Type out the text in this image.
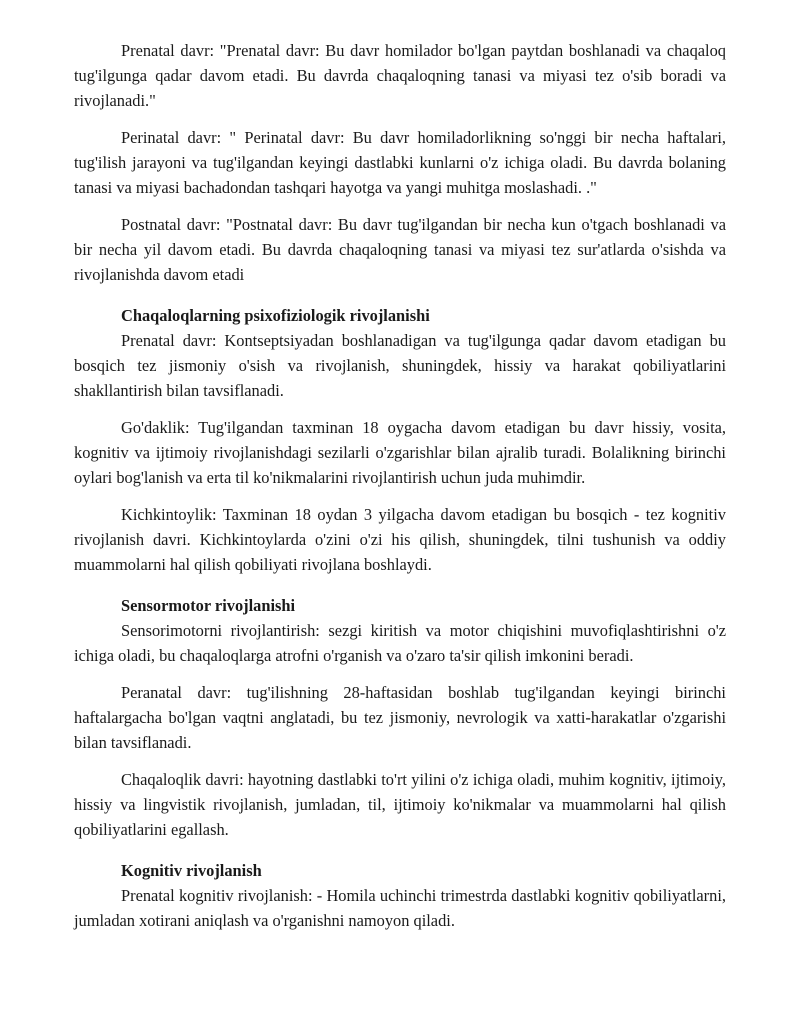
Prenatal davr: "Prenatal davr: Bu davr homilador bo'lgan paytdan boshlanadi va chaqaloq tug'ilgunga qadar davom etadi. Bu davrda chaqaloqning tanasi va miyasi tez o'sib boradi va rivojlanadi."

Perinatal davr: " Perinatal davr: Bu davr homiladorlikning so'nggi bir necha haftalari, tug'ilish jarayoni va tug'ilgandan keyingi dastlabki kunlarni o'z ichiga oladi. Bu davrda bolaning tanasi va miyasi bachadondan tashqari hayotga va yangi muhitga moslashadi. ."

Postnatal davr: "Postnatal davr: Bu davr tug'ilgandan bir necha kun o'tgach boshlanadi va bir necha yil davom etadi. Bu davrda chaqaloqning tanasi va miyasi tez sur'atlarda o'sishda va rivojlanishda davom etadi

Chaqaloqlarning psixofiziologik rivojlanishi

Prenatal davr: Kontseptsiyadan boshlanadigan va tug'ilgunga qadar davom etadigan bu bosqich tez jismoniy o'sish va rivojlanish, shuningdek, hissiy va harakat qobiliyatlarini shakllantirish bilan tavsiflanadi.

Go'daklik: Tug'ilgandan taxminan 18 oygacha davom etadigan bu davr hissiy, vosita, kognitiv va ijtimoiy rivojlanishdagi sezilarli o'zgarishlar bilan ajralib turadi. Bolalikning birinchi oylari bog'lanish va erta til ko'nikmalarini rivojlantirish uchun juda muhimdir.

Kichkintoylik: Taxminan 18 oydan 3 yilgacha davom etadigan bu bosqich - tez kognitiv rivojlanish davri. Kichkintoylarda o'zini o'zi his qilish, shuningdek, tilni tushunish va oddiy muammolarni hal qilish qobiliyati rivojlana boshlaydi.

Sensormotor rivojlanishi

Sensorimotorni rivojlantirish: sezgi kiritish va motor chiqishini muvofiqlashtirishni o'z ichiga oladi, bu chaqaloqlarga atrofni o'rganish va o'zaro ta'sir qilish imkonini beradi.

Peranatal davr: tug'ilishning 28-haftasidan boshlab tug'ilgandan keyingi birinchi haftalargacha bo'lgan vaqtni anglatadi, bu tez jismoniy, nevrologik va xatti-harakatlar o'zgarishi bilan tavsiflanadi.

Chaqaloqlik davri: hayotning dastlabki to'rt yilini o'z ichiga oladi, muhim kognitiv, ijtimoiy, hissiy va lingvistik rivojlanish, jumladan, til, ijtimoiy ko'nikmalar va muammolarni hal qilish qobiliyatlarini egallash.

Kognitiv rivojlanish

Prenatal kognitiv rivojlanish: - Homila uchinchi trimestrda dastlabki kognitiv qobiliyatlarni, jumladan xotirani aniqlash va o'rganishni namoyon qiladi.
